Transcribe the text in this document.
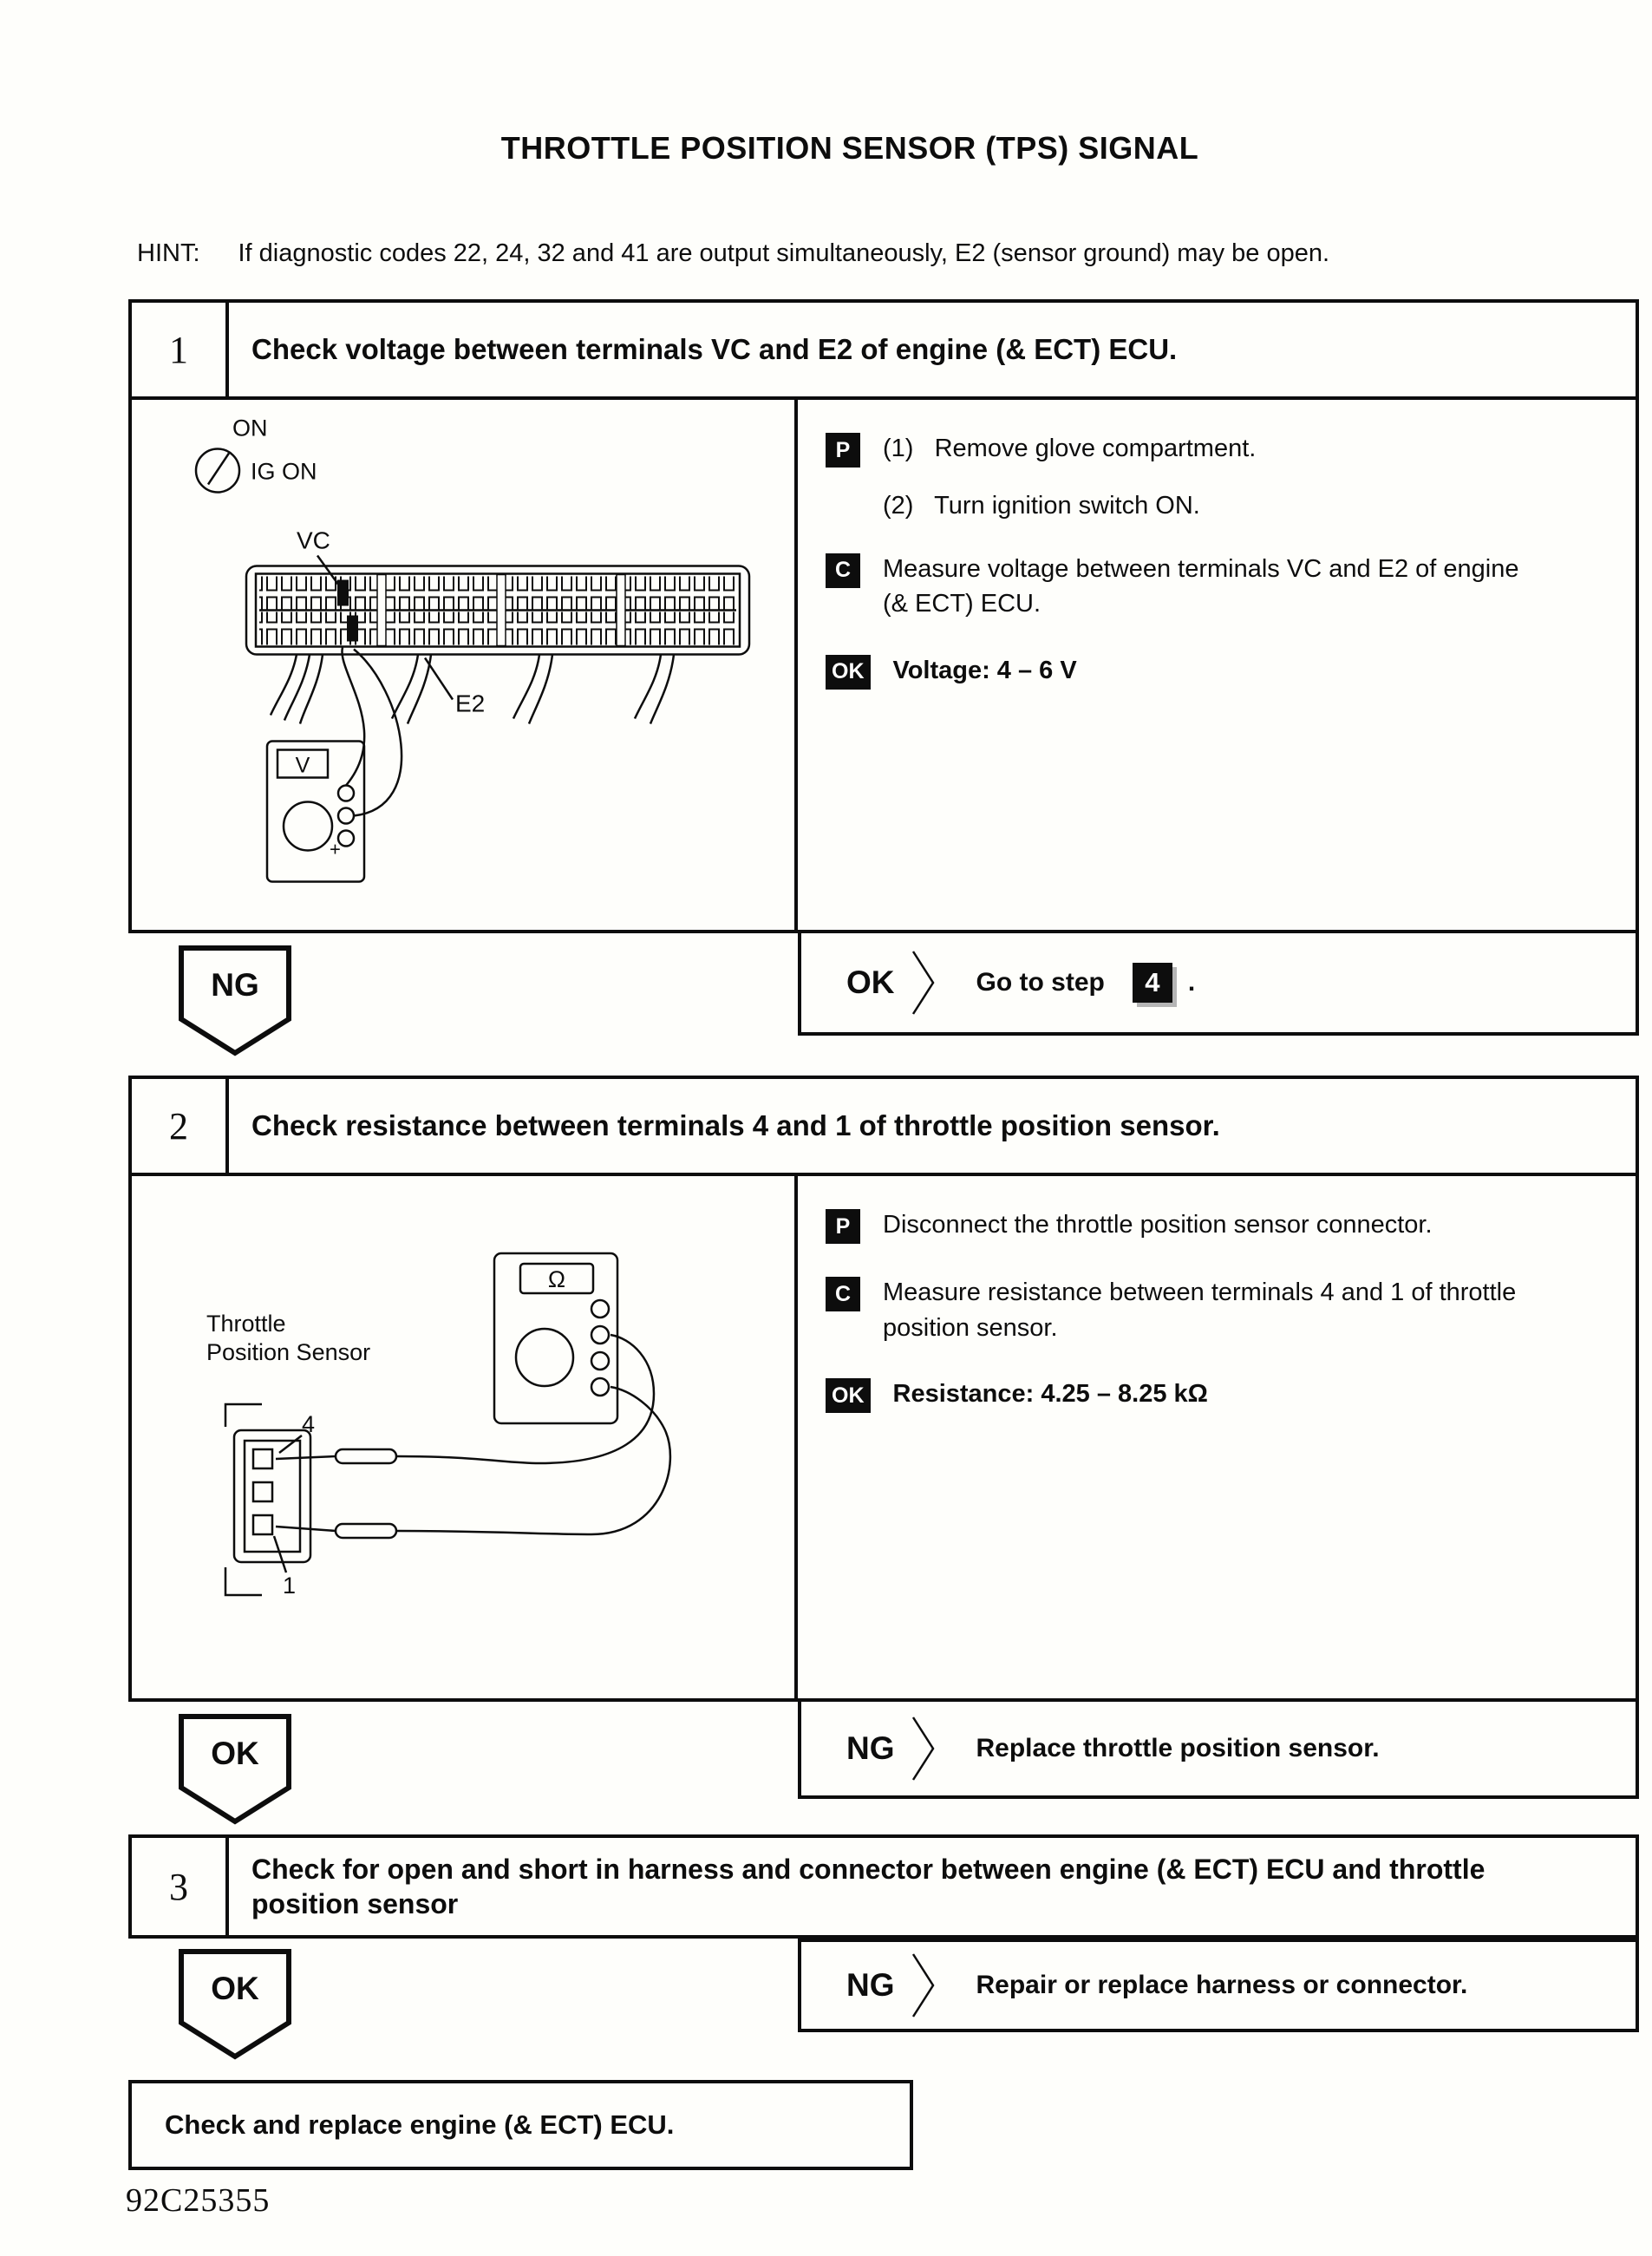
THROTTLE POSITION SENSOR (TPS) SIGNAL
HINT: If diagnostic codes 22, 24, 32 and 41 are output simultaneously, E2 (sensor ground) may be open.
1	Check voltage between terminals VC and E2 of engine (& ECT) ECU.
ON
IG ON
VC
E2
V
+
P	(1)   Remove glove compartment.
(2)   Turn ignition switch ON.
C	Measure voltage between terminals VC and E2 of engine (& ECT) ECU.
OK Voltage: 4 – 6 V
NG	OK	Go to step	4	.
2	Check resistance between terminals 4 and 1 of throttle position sensor.
Throttle
Position Sensor
Ω
4
1
P	Disconnect the throttle position sensor connector.
C	Measure resistance between terminals 4 and 1 of throttle position sensor.
OK Resistance: 4.25 – 8.25 kΩ
OK	NG	Replace throttle position sensor.
3	Check for open and short in harness and connector between engine (& ECT) ECU and throttle position sensor
OK	NG	Repair or replace harness or connector.
Check and replace engine (& ECT) ECU.
92C25355
